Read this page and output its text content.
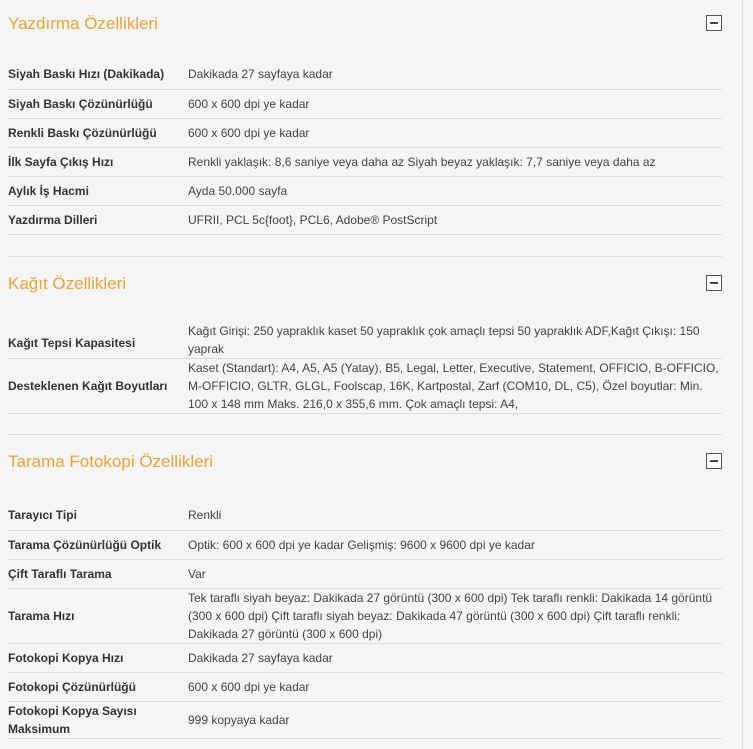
Yazdırma Özellikleri
Siyah Baskı Hızı (Dakikada)	Dakikada 27 sayfaya kadar
Siyah Baskı Çözünürlüğü	600 x 600 dpi ye kadar
Renkli Baskı Çözünürlüğü	600 x 600 dpi ye kadar
İlk Sayfa Çıkış Hızı	Renkli yaklaşık: 8,6 saniye veya daha az Siyah beyaz yaklaşık: 7,7 saniye veya daha az
Aylık İş Hacmi	Ayda 50.000 sayfa
Yazdırma Dilleri	UFRII, PCL 5c{foot}, PCL6, Adobe® PostScript
Kağıt Özellikleri
Kağıt Tepsi Kapasitesi	Kağıt Girişi: 250 yapraklık kaset 50 yapraklık çok amaçlı tepsi 50 yapraklık ADF,Kağıt Çıkışı: 150 yaprak
Desteklenen Kağıt Boyutları	Kaset (Standart): A4, A5, A5 (Yatay), B5, Legal, Letter, Executive, Statement, OFFICIO, B-OFFICIO, M-OFFICIO, GLTR, GLGL, Foolscap, 16K, Kartpostal, Zarf (COM10, DL, C5), Özel boyutlar: Min. 100 x 148 mm Maks. 216,0 x 355,6 mm. Çok amaçlı tepsi: A4,
Tarama Fotokopi Özellikleri
Tarayıcı Tipi	Renkli
Tarama Çözünürlüğü Optik	Optik: 600 x 600 dpi ye kadar Gelişmiş: 9600 x 9600 dpi ye kadar
Çift Taraflı Tarama	Var
Tarama Hızı	Tek taraflı siyah beyaz: Dakikada 27 görüntü (300 x 600 dpi) Tek taraflı renkli: Dakikada 14 görüntü (300 x 600 dpi) Çift taraflı siyah beyaz: Dakikada 47 görüntü (300 x 600 dpi) Çift taraflı renkli: Dakikada 27 görüntü (300 x 600 dpi)
Fotokopi Kopya Hızı	Dakikada 27 sayfaya kadar
Fotokopi Çözünürlüğü	600 x 600 dpi ye kadar
Fotokopi Kopya Sayısı Maksimum	999 kopyaya kadar
